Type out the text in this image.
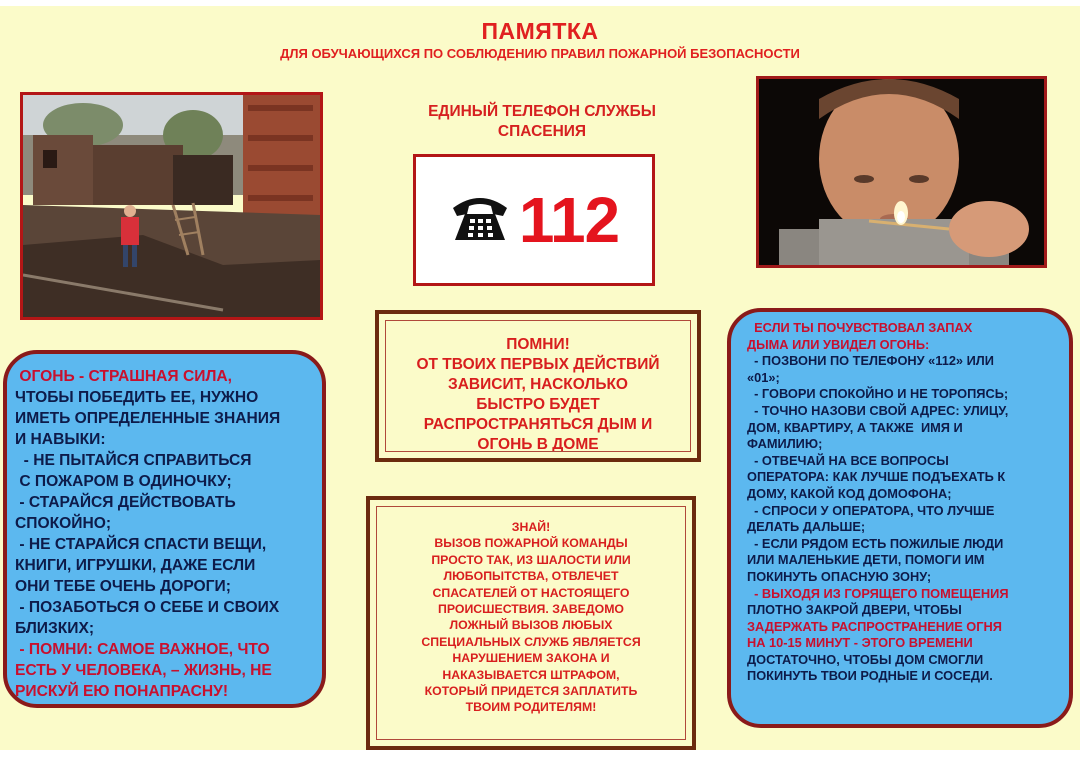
ПАМЯТКА
ДЛЯ ОБУЧАЮЩИХСЯ ПО СОБЛЮДЕНИЮ ПРАВИЛ ПОЖАРНОЙ БЕЗОПАСНОСТИ
ЕДИНЫЙ ТЕЛЕФОН СЛУЖБЫ
СПАСЕНИЯ
112
ПОМНИ!
ОТ ТВОИХ ПЕРВЫХ ДЕЙСТВИЙ
ЗАВИСИТ, НАСКОЛЬКО
БЫСТРО БУДЕТ
РАСПРОСТРАНЯТЬСЯ ДЫМ И
ОГОНЬ В ДОМЕ
ЗНАЙ!
ВЫЗОВ ПОЖАРНОЙ КОМАНДЫ
ПРОСТО ТАК, ИЗ ШАЛОСТИ ИЛИ
ЛЮБОПЫТСТВА, ОТВЛЕЧЕТ
СПАСАТЕЛЕЙ ОТ НАСТОЯЩЕГО
ПРОИСШЕСТВИЯ. ЗАВЕДОМО
ЛОЖНЫЙ ВЫЗОВ ЛЮБЫХ
СПЕЦИАЛЬНЫХ СЛУЖБ ЯВЛЯЕТСЯ
НАРУШЕНИЕМ ЗАКОНА И
НАКАЗЫВАЕТСЯ ШТРАФОМ,
КОТОРЫЙ ПРИДЕТСЯ ЗАПЛАТИТЬ
ТВОИМ РОДИТЕЛЯМ!
ОГОНЬ - СТРАШНАЯ СИЛА,
ЧТОБЫ ПОБЕДИТЬ ЕЕ, НУЖНО
ИМЕТЬ ОПРЕДЕЛЕННЫЕ ЗНАНИЯ
И НАВЫКИ:
- НЕ ПЫТАЙСЯ СПРАВИТЬСЯ
С ПОЖАРОМ В ОДИНОЧКУ;
- СТАРАЙСЯ ДЕЙСТВОВАТЬ
СПОКОЙНО;
- НЕ СТАРАЙСЯ СПАСТИ ВЕЩИ,
КНИГИ, ИГРУШКИ, ДАЖЕ ЕСЛИ
ОНИ ТЕБЕ ОЧЕНЬ ДОРОГИ;
- ПОЗАБОТЬСЯ О СЕБЕ И СВОИХ
БЛИЗКИХ;
- ПОМНИ: САМОЕ ВАЖНОЕ, ЧТО
ЕСТЬ У ЧЕЛОВЕКА, – ЖИЗНЬ, НЕ
РИСКУЙ ЕЮ ПОНАПРАСНУ!
ЕСЛИ ТЫ ПОЧУВСТВОВАЛ ЗАПАХ
ДЫМА ИЛИ УВИДЕЛ ОГОНЬ:
- ПОЗВОНИ ПО ТЕЛЕФОНУ «112» ИЛИ
«01»;
- ГОВОРИ СПОКОЙНО И НЕ ТОРОПЯСЬ;
- ТОЧНО НАЗОВИ СВОЙ АДРЕС: УЛИЦУ,
ДОМ, КВАРТИРУ, А ТАКЖЕ  ИМЯ И
ФАМИЛИЮ;
- ОТВЕЧАЙ НА ВСЕ ВОПРОСЫ
ОПЕРАТОРА: КАК ЛУЧШЕ ПОДЪЕХАТЬ К
ДОМУ, КАКОЙ КОД ДОМОФОНА;
- СПРОСИ У ОПЕРАТОРА, ЧТО ЛУЧШЕ
ДЕЛАТЬ ДАЛЬШЕ;
- ЕСЛИ РЯДОМ ЕСТЬ ПОЖИЛЫЕ ЛЮДИ
ИЛИ МАЛЕНЬКИЕ ДЕТИ, ПОМОГИ ИМ
ПОКИНУТЬ ОПАСНУЮ ЗОНУ;
- ВЫХОДЯ ИЗ ГОРЯЩЕГО ПОМЕЩЕНИЯ
ПЛОТНО ЗАКРОЙ ДВЕРИ, ЧТОБЫ
ЗАДЕРЖАТЬ РАСПРОСТРАНЕНИЕ ОГНЯ
НА 10-15 МИНУТ - ЭТОГО ВРЕМЕНИ
ДОСТАТОЧНО, ЧТОБЫ ДОМ СМОГЛИ
ПОКИНУТЬ ТВОИ РОДНЫЕ И СОСЕДИ.
